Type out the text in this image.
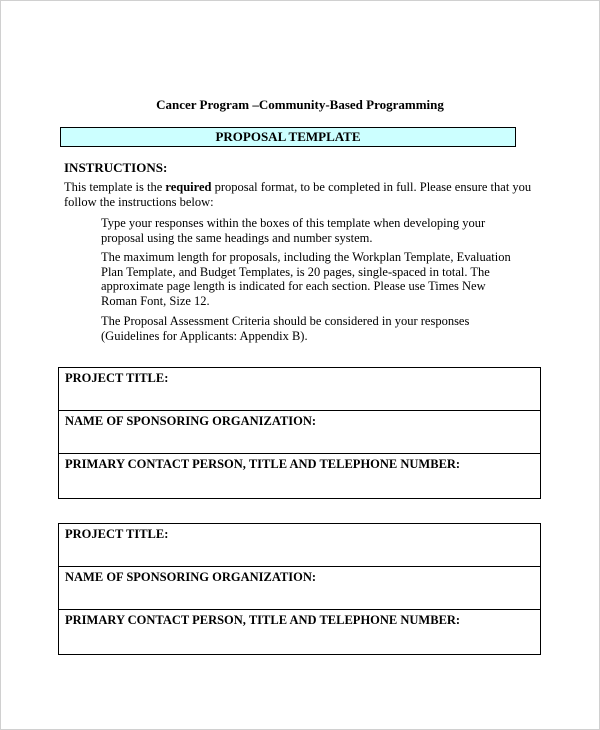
Cancer Program –Community-Based Programming
PROPOSAL TEMPLATE
INSTRUCTIONS:
This template is the required proposal format, to be completed in full. Please ensure that you follow the instructions below:
Type your responses within the boxes of this template when developing your proposal using the same headings and number system.
The maximum length for proposals, including the Workplan Template, Evaluation Plan Template, and Budget Templates, is 20 pages, single-spaced in total. The approximate page length is indicated for each section. Please use Times New Roman Font, Size 12.
The Proposal Assessment Criteria should be considered in your responses (Guidelines for Applicants: Appendix B).
PROJECT TITLE:
NAME OF SPONSORING ORGANIZATION:
PRIMARY CONTACT PERSON, TITLE AND TELEPHONE NUMBER:
PROJECT TITLE:
NAME OF SPONSORING ORGANIZATION:
PRIMARY CONTACT PERSON, TITLE AND TELEPHONE NUMBER:
